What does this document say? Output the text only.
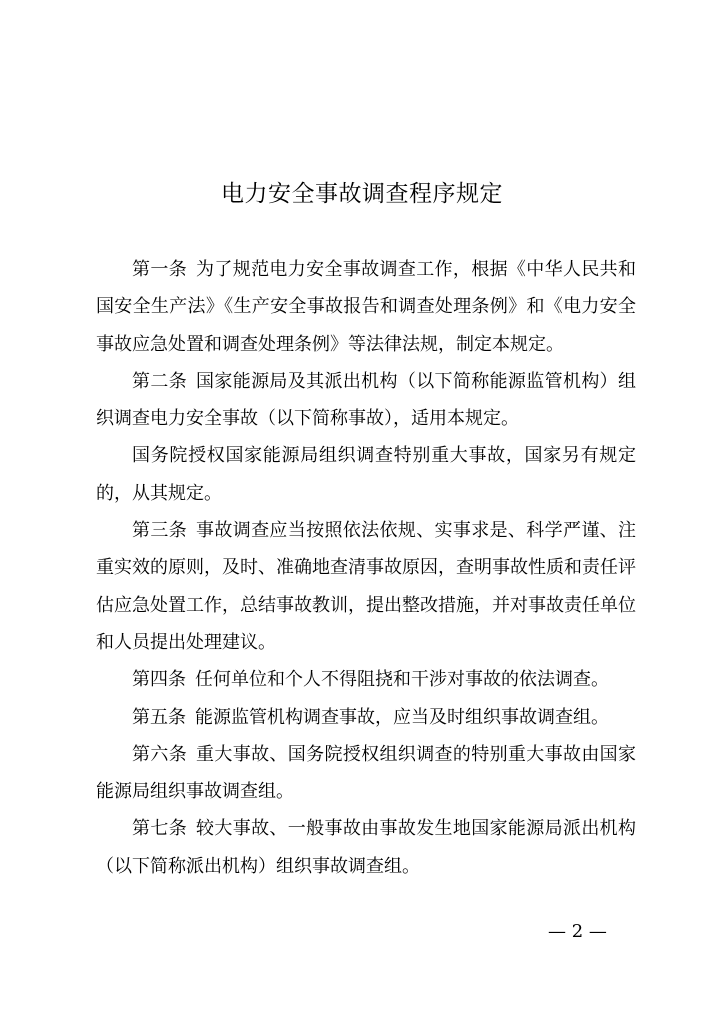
电力安全事故调查程序规定

第一条 为了规范电力安全事故调查工作，根据《中华人民共和国安全生产法》《生产安全事故报告和调查处理条例》和《电力安全事故应急处置和调查处理条例》等法律法规，制定本规定。

第二条 国家能源局及其派出机构（以下简称能源监管机构）组织调查电力安全事故（以下简称事故），适用本规定。

国务院授权国家能源局组织调查特别重大事故，国家另有规定的，从其规定。

第三条 事故调查应当按照依法依规、实事求是、科学严谨、注重实效的原则，及时、准确地查清事故原因，查明事故性质和责任评估应急处置工作，总结事故教训，提出整改措施，并对事故责任单位和人员提出处理建议。

第四条 任何单位和个人不得阻挠和干涉对事故的依法调查。

第五条 能源监管机构调查事故，应当及时组织事故调查组。

第六条 重大事故、国务院授权组织调查的特别重大事故由国家能源局组织事故调查组。

第七条 较大事故、一般事故由事故发生地国家能源局派出机构（以下简称派出机构）组织事故调查组。

— 2 —
